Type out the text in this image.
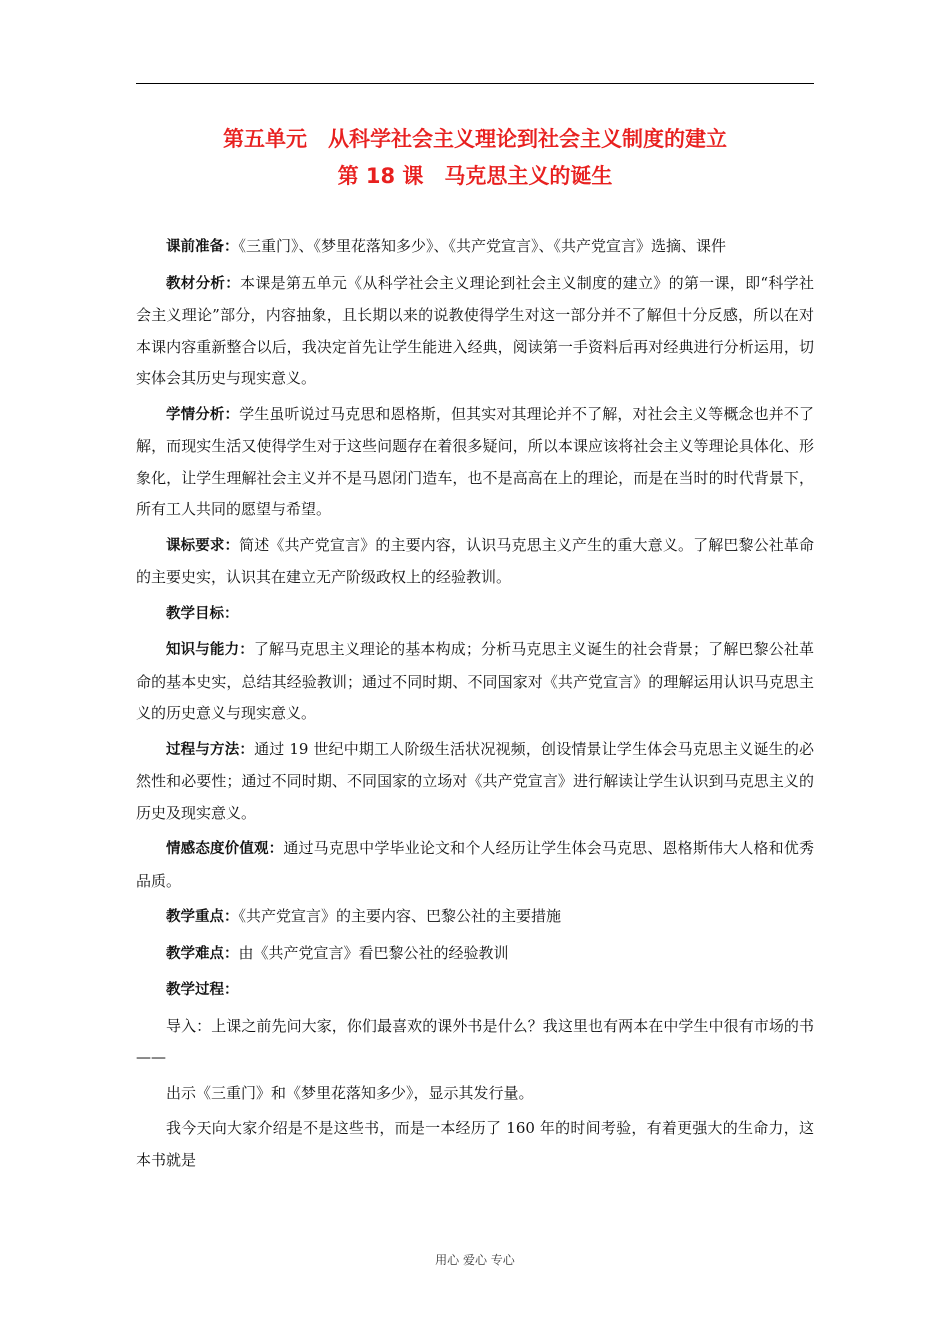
第五单元　从科学社会主义理论到社会主义制度的建立
第 18 课　马克思主义的诞生

课前准备：《三重门》、《梦里花落知多少》、《共产党宣言》、《共产党宣言》选摘、课件

教材分析：本课是第五单元《从科学社会主义理论到社会主义制度的建立》的第一课，即“科学社会主义理论”部分，内容抽象，且长期以来的说教使得学生对这一部分并不了解但十分反感，所以在对本课内容重新整合以后，我决定首先让学生能进入经典，阅读第一手资料后再对经典进行分析运用，切实体会其历史与现实意义。

学情分析：学生虽听说过马克思和恩格斯，但其实对其理论并不了解，对社会主义等概念也并不了解，而现实生活又使得学生对于这些问题存在着很多疑问，所以本课应该将社会主义等理论具体化、形象化，让学生理解社会主义并不是马恩闭门造车，也不是高高在上的理论，而是在当时的时代背景下，所有工人共同的愿望与希望。

课标要求：简述《共产党宣言》的主要内容，认识马克思主义产生的重大意义。了解巴黎公社革命的主要史实，认识其在建立无产阶级政权上的经验教训。

教学目标：

知识与能力：了解马克思主义理论的基本构成；分析马克思主义诞生的社会背景；了解巴黎公社革命的基本史实，总结其经验教训；通过不同时期、不同国家对《共产党宣言》的理解运用认识马克思主义的历史意义与现实意义。

过程与方法：通过 19 世纪中期工人阶级生活状况视频，创设情景让学生体会马克思主义诞生的必然性和必要性；通过不同时期、不同国家的立场对《共产党宣言》进行解读让学生认识到马克思主义的历史及现实意义。

情感态度价值观：通过马克思中学毕业论文和个人经历让学生体会马克思、恩格斯伟大人格和优秀品质。

教学重点：《共产党宣言》的主要内容、巴黎公社的主要措施

教学难点：由《共产党宣言》看巴黎公社的经验教训

教学过程：

导入：上课之前先问大家，你们最喜欢的课外书是什么？我这里也有两本在中学生中很有市场的书——

出示《三重门》和《梦里花落知多少》，显示其发行量。

我今天向大家介绍是不是这些书，而是一本经历了 160 年的时间考验，有着更强大的生命力，这本书就是

用心 爱心 专心
